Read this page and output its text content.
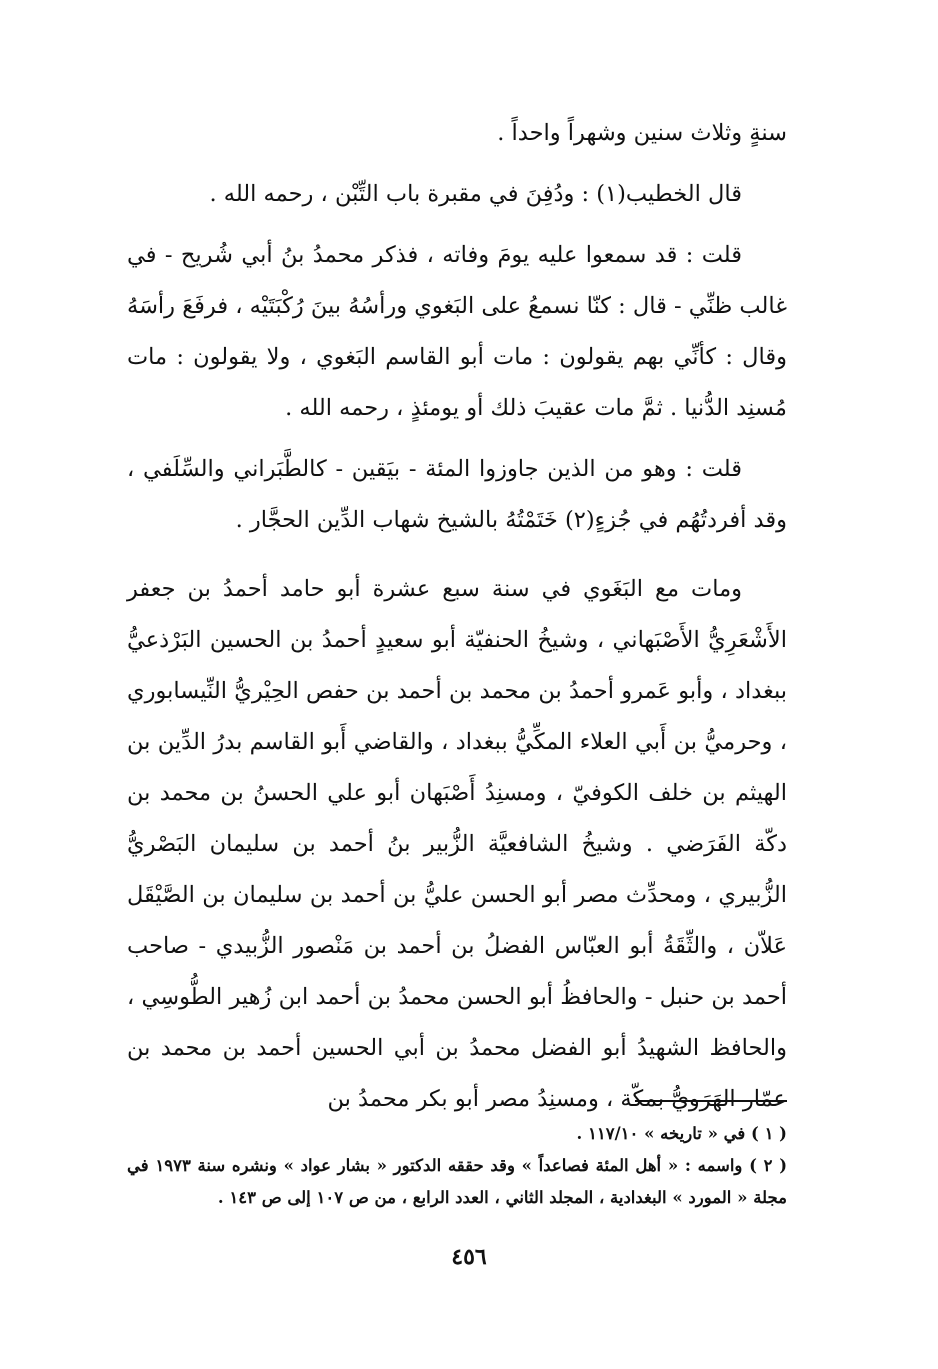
سنةٍ وثلاث سنين وشهراً واحداً .

قال الخطيب(١) : ودُفِنَ في مقبرة باب التِّبْن ، رحمه الله .

قلت : قد سمعوا عليه يومَ وفاته ، فذكر محمدُ بنُ أبي شُريح - في غالب ظنِّي - قال : كنّا نسمعُ على البَغوي ورأسُهُ بينَ رُكْبَتَيْه ، فرفَعَ رأسَهُ وقال : كأنِّي بهم يقولون : مات أبو القاسم البَغوي ، ولا يقولون : مات مُسنِد الدُّنيا . ثمَّ مات عقيبَ ذلك أو يومئذٍ ، رحمه الله .

قلت : وهو من الذين جاوزوا المئة - بيَقين - كالطَّبَراني والسِّلَفي ، وقد أفردتُهُم في جُزءٍ(٢) خَتَمْتُهُ بالشيخ شهاب الدِّين الحجَّار .

ومات مع البَغَوي في سنة سبع عشرة أبو حامد أحمدُ بن جعفر الأَشْعَرِيُّ الأَصْبَهاني ، وشيخُ الحنفيّة أبو سعيدٍ أحمدُ بن الحسين البَرْذعيُّ ببغداد ، وأبو عَمرو أحمدُ بن محمد بن أحمد بن حفص الحِيْريُّ النِّيسابوري ، وحرميُّ بن أَبي العلاء المكِّيُّ ببغداد ، والقاضي أَبو القاسم بدرُ الدِّين بن الهيثم بن خلف الكوفيّ ، ومسنِدُ أَصْبَهان أبو علي الحسنُ بن محمد بن دكّة الفَرَضي . وشيخُ الشافعيَّة الزُّبير بنُ أحمد بن سليمان البَصْريُّ الزُّبيري ، ومحدِّث مصر أبو الحسن عليُّ بن أحمد بن سليمان بن الصَّيْقَل عَلاّن ، والثِّقَةُ أبو العبّاس الفضلُ بن أحمد بن مَنْصور الزُّبيدي - صاحب أحمد بن حنبل - والحافظُ أبو الحسن محمدُ بن أحمد ابن زُهير الطُّوسِي ، والحافظ الشهيدُ أبو الفضل محمدُ بن أبي الحسين أحمد بن محمد بن عمّار الهَرَويُّ بمكّة ، ومسنِدُ مصر أبو بكر محمدُ بن

( ١ ) في « تاريخه » ١١٧/١٠ .

( ٢ ) واسمه : « أهل المئة فصاعداً » وقد حققه الدكتور « بشار عواد » ونشره سنة ١٩٧٣ في مجلة « المورد » البغدادية ، المجلد الثاني ، العدد الرابع ، من ص ١٠٧ إلى ص ١٤٣ .

٤٥٦
